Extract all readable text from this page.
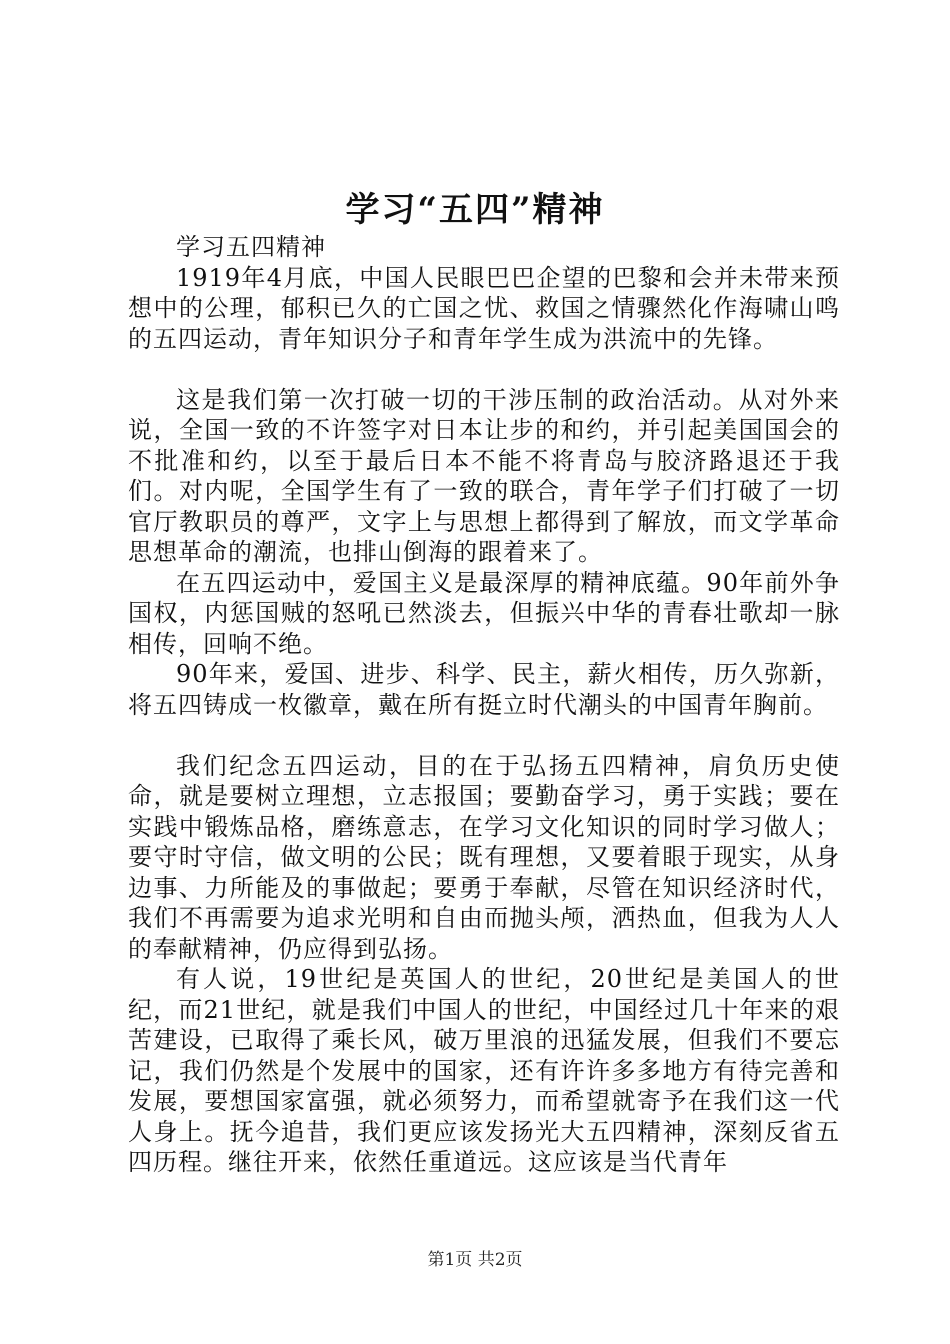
学习“五四”精神

学习五四精神

1919年4月底，中国人民眼巴巴企望的巴黎和会并未带来预想中的公理，郁积已久的亡国之忧、救国之情骤然化作海啸山鸣的五四运动，青年知识分子和青年学生成为洪流中的先锋。

这是我们第一次打破一切的干涉压制的政治活动。从对外来说，全国一致的不许签字对日本让步的和约，并引起美国国会的不批准和约，以至于最后日本不能不将青岛与胶济路退还于我们。对内呢，全国学生有了一致的联合，青年学子们打破了一切官厅教职员的尊严，文字上与思想上都得到了解放，而文学革命思想革命的潮流，也排山倒海的跟着来了。

在五四运动中，爱国主义是最深厚的精神底蕴。90年前外争国权，内惩国贼的怒吼已然淡去，但振兴中华的青春壮歌却一脉相传，回响不绝。

90年来，爱国、进步、科学、民主，薪火相传，历久弥新，将五四铸成一枚徽章，戴在所有挺立时代潮头的中国青年胸前。

我们纪念五四运动，目的在于弘扬五四精神，肩负历史使命，就是要树立理想，立志报国；要勤奋学习，勇于实践；要在实践中锻炼品格，磨练意志，在学习文化知识的同时学习做人；要守时守信，做文明的公民；既有理想，又要着眼于现实，从身边事、力所能及的事做起；要勇于奉献，尽管在知识经济时代，我们不再需要为追求光明和自由而抛头颅，洒热血，但我为人人的奉献精神，仍应得到弘扬。

有人说，19世纪是英国人的世纪，20世纪是美国人的世纪，而21世纪，就是我们中国人的世纪，中国经过几十年来的艰苦建设，已取得了乘长风，破万里浪的迅猛发展，但我们不要忘记，我们仍然是个发展中的国家，还有许许多多地方有待完善和发展，要想国家富强，就必须努力，而希望就寄予在我们这一代人身上。抚今追昔，我们更应该发扬光大五四精神，深刻反省五四历程。继往开来，依然任重道远。这应该是当代青年

第1页 共2页
